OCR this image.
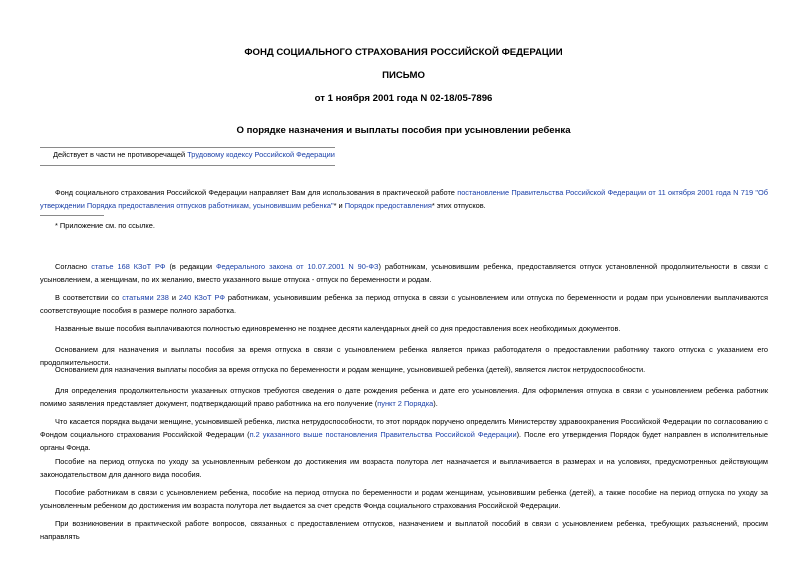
ФОНД СОЦИАЛЬНОГО СТРАХОВАНИЯ РОССИЙСКОЙ ФЕДЕРАЦИИ
ПИСЬМО
от 1 ноября 2001 года N 02-18/05-7896
О порядке назначения и выплаты пособия при усыновлении ребенка
Действует в части не противоречащей Трудовому кодексу Российской Федерации
Фонд социального страхования Российской Федерации направляет Вам для использования в практической работе постановление Правительства Российской Федерации от 11 октября 2001 года N 719 "Об утверждении Порядка предоставления отпусков работникам, усыновившим ребенка"* и Порядок предоставления* этих отпусков.
* Приложение см. по ссылке.
Согласно статье 168 КЗоТ РФ (в редакции Федерального закона от 10.07.2001 N 90-ФЗ) работникам, усыновившим ребенка, предоставляется отпуск установленной продолжительности в связи с усыновлением, а женщинам, по их желанию, вместо указанного выше отпуска - отпуск по беременности и родам.
В соответствии со статьями 238 и 240 КЗоТ РФ работникам, усыновившим ребенка за период отпуска в связи с усыновлением или отпуска по беременности и родам при усыновлении выплачиваются соответствующие пособия в размере полного заработка.
Названные выше пособия выплачиваются полностью единовременно не позднее десяти календарных дней со дня предоставления всех необходимых документов.
Основанием для назначения и выплаты пособия за время отпуска в связи с усыновлением ребенка является приказ работодателя о предоставлении работнику такого отпуска с указанием его продолжительности.
Основанием для назначения выплаты пособия за время отпуска по беременности и родам женщине, усыновившей ребенка (детей), является листок нетрудоспособности.
Для определения продолжительности указанных отпусков требуются сведения о дате рождения ребенка и дате его усыновления. Для оформления отпуска в связи с усыновлением ребенка работник помимо заявления представляет документ, подтверждающий право работника на его получение (пункт 2 Порядка).
Что касается порядка выдачи женщине, усыновившей ребенка, листка нетрудоспособности, то этот порядок поручено определить Министерству здравоохранения Российской Федерации по согласованию с Фондом социального страхования Российской Федерации (п.2 указанного выше постановления Правительства Российской Федерации). После его утверждения Порядок будет направлен в исполнительные органы Фонда.
Пособие на период отпуска по уходу за усыновленным ребенком до достижения им возраста полутора лет назначается и выплачивается в размерах и на условиях, предусмотренных действующим законодательством для данного вида пособия.
Пособие работникам в связи с усыновлением ребенка, пособие на период отпуска по беременности и родам женщинам, усыновившим ребенка (детей), а также пособие на период отпуска по уходу за усыновленным ребенком до достижения им возраста полутора лет выдается за счет средств Фонда социального страхования Российской Федерации.
При возникновении в практической работе вопросов, связанных с предоставлением отпусков, назначением и выплатой пособий в связи с усыновлением ребенка, требующих разъяснений, просим направлять
